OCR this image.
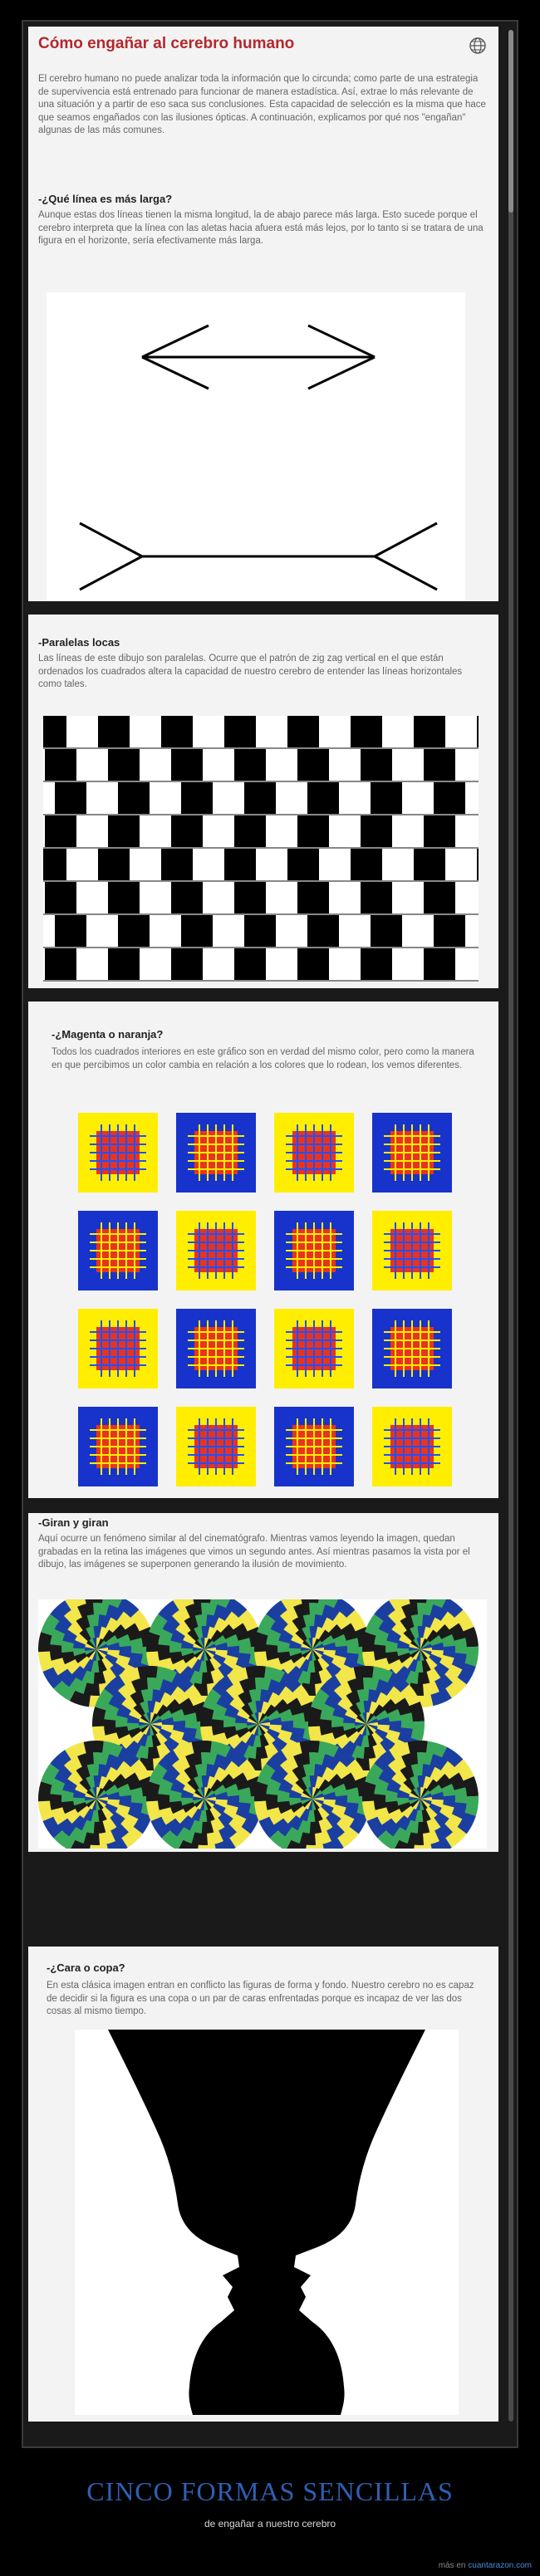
Cómo engañar al cerebro humano

El cerebro humano no puede analizar toda la información que lo circunda; como parte de una estrategia de supervivencia está entrenado para funcionar de manera estadística. Así, extrae lo más relevante de una situación y a partir de eso saca sus conclusiones. Esta capacidad de selección es la misma que hace que seamos engañados con las ilusiones ópticas. A continuación, explicamos por qué nos "engañan" algunas de las más comunes.

-¿Qué línea es más larga?

Aunque estas dos líneas tienen la misma longitud, la de abajo parece más larga. Esto sucede porque el cerebro interpreta que la línea con las aletas hacia afuera está más lejos, por lo tanto si se tratara de una figura en el horizonte, sería efectivamente más larga.

-Paralelas locas

Las líneas de este dibujo son paralelas. Ocurre que el patrón de zig zag vertical en el que están ordenados los cuadrados altera la capacidad de nuestro cerebro de entender las líneas horizontales como tales.

-¿Magenta o naranja?

Todos los cuadrados interiores en este gráfico son en verdad del mismo color, pero como la manera en que percibimos un color cambia en relación a los colores que lo rodean, los vemos diferentes.

-Giran y giran

Aquí ocurre un fenómeno similar al del cinematógrafo. Mientras vamos leyendo la imagen, quedan grabadas en la retina las imágenes que vimos un segundo antes. Así mientras pasamos la vista por el dibujo, las imágenes se superponen generando la ilusión de movimiento.

-¿Cara o copa?

En esta clásica imagen entran en conflicto las figuras de forma y fondo. Nuestro cerebro no es capaz de decidir si la figura es una copa o un par de caras enfrentadas porque es incapaz de ver las dos cosas al mismo tiempo.

CINCO FORMAS SENCILLAS
de engañar a nuestro cerebro
más en cuantarazon.com
